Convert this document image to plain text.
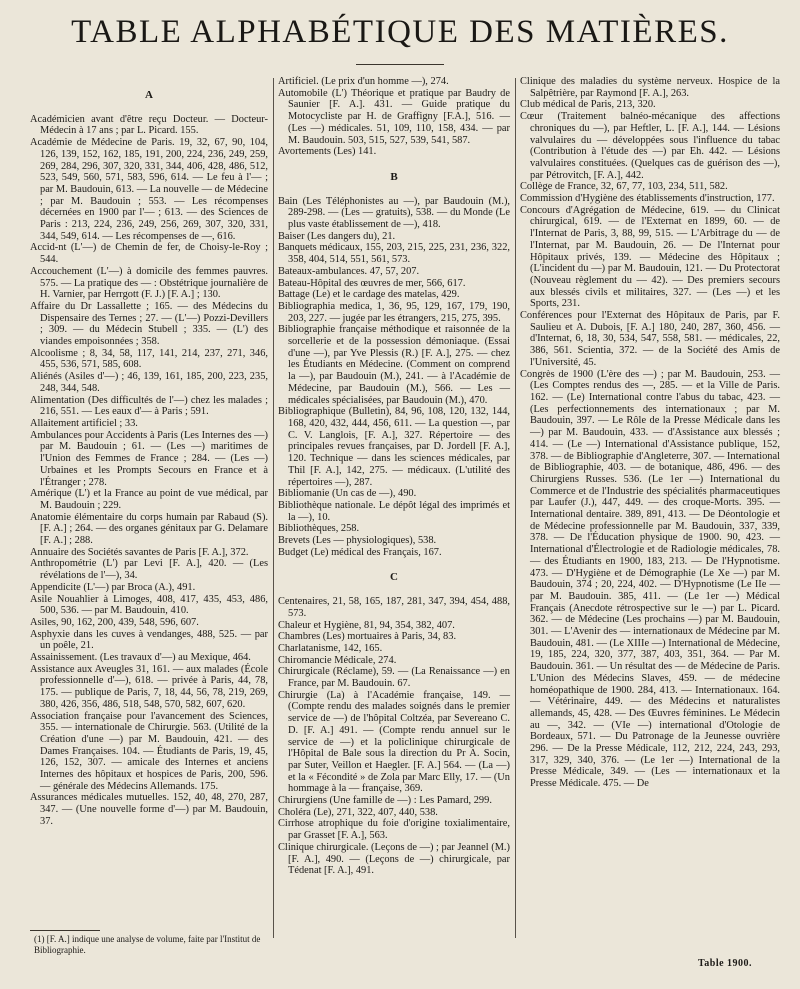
TABLE ALPHABÉTIQUE DES MATIÈRES.
A

Académicien avant d'être reçu Docteur. — Docteur-Médecin à 17 ans ; par L. Picard. 155.

Académie de Médecine de Paris. 19, 32, 67, 90, 104, 126, 139, 152, 162, 185, 191, 200, 224, 236, 249, 259, 269, 284, 296, 307, 320, 331, 344, 406, 428, 486, 512, 523, 549, 560, 571, 583, 596, 614. — Le feu à l'— ; par M. Baudouin, 613. — La nouvelle — de Médecine ; par M. Baudouin ; 553. — Les récompenses décernées en 1900 par l'— ; 613. — des Sciences de Paris : 213, 224, 236, 249, 256, 269, 307, 320, 331, 344, 549, 614. — Les récompenses de —, 616.

Accid-nt (L'—) de Chemin de fer, de Choisy-le-Roy ; 544.

Accouchement (L'—) à domicile des femmes pauvres. 575. — La pratique des — : Obstétrique journalière de H. Varnier, par Herrgott (F. J.) [F. A.] ; 130.

Affaire du Dr Lassallette ; 165. — des Médecins du Dispensaire des Ternes ; 27. — (L'—) Pozzi-Devillers ; 309. — du Médecin Stubell ; 335. — (L') des viandes empoisonnées ; 358.

Alcoolisme ; 8, 34, 58, 117, 141, 214, 237, 271, 346, 455, 536, 571, 585, 608.

Aliénés (Asiles d'—) ; 46, 139, 161, 185, 200, 223, 235, 248, 344, 548.

Alimentation (Des difficultés de l'—) chez les malades ; 216, 551. — Les eaux d'— à Paris ; 591.

Allaitement artificiel ; 33.

Ambulances pour Accidents à Paris (Les Internes des —) par M. Baudouin ; 61. — (Les —) maritimes de l'Union des Femmes de France ; 284. — (Les —) Urbaines et les Prompts Secours en France et à l'Étranger ; 278.

Amérique (L') et la France au point de vue médical, par M. Baudouin ; 229.

Anatomie élémentaire du corps humain par Rabaud (S). [F. A.] ; 264. — des organes génitaux par G. Delamare [F. A.] ; 288.

Annuaire des Sociétés savantes de Paris [F. A.], 372.

Anthropométrie (L') par Levi [F. A.], 420. — (Les révélations de l'—), 34.

Appendicite (L'—) par Broca (A.), 491.

Asile Nouahlier à Limoges, 408, 417, 435, 453, 486, 500, 536. — par M. Baudouin, 410.

Asiles, 90, 162, 200, 439, 548, 596, 607.

Asphyxie dans les cuves à vendanges, 488, 525. — par un poêle, 21.

Assainissement. (Les travaux d'—) au Mexique, 464.

Assistance aux Aveugles 31, 161. — aux malades (École professionnelle d'—), 618. — privée à Paris, 44, 78, 175. — publique de Paris, 7, 18, 44, 56, 78, 219, 269, 380, 426, 356, 486, 518, 548, 570, 582, 607, 620.

Association française pour l'avancement des Sciences, 355. — internationale de Chirurgie. 563. (Utilité de la Création d'une —) par M. Baudouin, 421. — des Dames Françaises. 104. — Étudiants de Paris, 19, 45, 126, 152, 307. — amicale des Internes et anciens Internes des hôpitaux et hospices de Paris, 200, 596. — générale des Médecins Allemands. 175.

Assurances médicales mutuelles. 152, 40, 48, 270, 287, 347. — (Une nouvelle forme d'—) par M. Baudouin, 37.

Artificiel. (Le prix d'un homme —), 274.

Automobile (L') Théorique et pratique par Baudry de Saunier [F. A.]. 431. — Guide pratique du Motocycliste par H. de Graffigny [F.A.], 516. — (Les —) médicales. 51, 109, 110, 158, 434. — par M. Baudouin. 503, 515, 527, 539, 541, 587.

Avortements (Les) 141.

B

Bain (Les Téléphonistes au —), par Baudouin (M.), 289-298. — (Les — gratuits), 538. — du Monde (Le plus vaste établissement de —), 418.

Baiser (Les dangers du), 21.

Banquets médicaux, 155, 203, 215, 225, 231, 236, 322, 358, 404, 514, 551, 561, 573.

Bateaux-ambulances. 47, 57, 207.

Bateau-Hôpital des œuvres de mer, 566, 617.

Battage (Le) et le cardage des matelas, 429.

Bibliographia medica, 1, 36, 95, 129, 167, 179, 190, 203, 227. — jugée par les étrangers, 215, 275, 395.

Bibliographie française méthodique et raisonnée de la sorcellerie et de la possession démoniaque. (Essai d'une —), par Yve Plessis (R.) [F. A.], 275. — chez les Étudiants en Médecine. (Comment on comprend la —), par Baudouin (M.), 241. — à l'Académie de Médecine, par Baudouin (M.), 566. — Les — médicales spécialisées, par Baudouin (M.), 470.

Bibliographique (Bulletin), 84, 96, 108, 120, 132, 144, 168, 420, 432, 444, 456, 611. — La question —, par C. V. Langlois, [F. A.], 327. Répertoire — des principales revues françaises, par D. Jordell [F. A.], 120. Technique — dans les sciences médicales, par Thil [F. A.], 142, 275. — médicaux. (L'utilité des répertoires —), 287.

Bibliomanie (Un cas de —), 490.

Bibliothèque nationale. Le dépôt légal des imprimés et la —), 10.

Bibliothèques, 258.

Brevets (Les — physiologiques), 538.

Budget (Le) médical des Français, 167.

C

Centenaires, 21, 58, 165, 187, 281, 347, 394, 454, 488, 573.

Chaleur et Hygiène, 81, 94, 354, 382, 407.

Chambres (Les) mortuaires à Paris, 34, 83.

Charlatanisme, 142, 165.

Chiromancie Médicale, 274.

Chirurgicale (Réclame), 59. — (La Renaissance —) en France, par M. Baudouin. 67.

Chirurgie (La) à l'Académie française, 149. — (Compte rendu des malades soignés dans le premier service de —) de l'hôpital Coltzéa, par Severeano C. D. [F. A.] 491. — (Compte rendu annuel sur le service de —) et la policlinique chirurgicale de l'Hôpital de Bale sous la direction du Pr A. Socin, par Suter, Veillon et Haegler. [F. A.] 564. — (La —) et la « Fécondité » de Zola par Marc Elly, 17. — (Un hommage à la — française, 369.

Chirurgiens (Une famille de —) : Les Pamard, 299.

Choléra (Le), 271, 322, 407, 440, 538.

Cirrhose atrophique du foie d'origine toxialimentaire, par Grasset [F. A.], 563.

Clinique chirurgicale. (Leçons de —) ; par Jeannel (M.) [F. A.], 490. — (Leçons de —) chirurgicale, par Tédenat [F. A.], 491.

Clinique des maladies du système nerveux. Hospice de la Salpêtrière, par Raymond [F. A.], 263.

Club médical de Paris, 213, 320.

Cœur (Traitement balnéo-mécanique des affections chroniques du —), par Heftler, L. [F. A.], 144. — Lésions valvulaires du — développées sous l'influence du tabac (Contribution à l'étude des —) par Eh. 442. — Lésions valvulaires constituées. (Quelques cas de guérison des —), par Pétrovitch, [F. A.], 442.

Collège de France, 32, 67, 77, 103, 234, 511, 582.

Commission d'Hygiène des établissements d'instruction, 177.

Concours d'Agrégation de Médecine, 619. — du Clinicat chirurgical, 619. — de l'Externat en 1899, 60. — de l'Internat de Paris, 3, 88, 99, 515. — L'Arbitrage du — de l'Internat, par M. Baudouin, 26. — De l'Internat pour Hôpitaux privés, 139. — Médecine des Hôpitaux ; (L'incident du —) par M. Baudouin, 121. — Du Protectorat (Nouveau règlement du — 42). — Des premiers secours aux blessés civils et militaires, 327. — (Les —) et les Sports, 231.

Conférences pour l'Externat des Hôpitaux de Paris, par F. Saulieu et A. Dubois, [F. A.] 180, 240, 287, 360, 456. — d'Internat, 6, 18, 30, 534, 547, 558, 581. — médicales, 22, 386, 561. Scientia, 372. — de la Société des Amis de l'Université, 45.

Congrès de 1900 (L'ère des —) ; par M. Baudouin, 253. — (Les Comptes rendus des —, 285. — et la Ville de Paris. 162. — (Le) International contre l'abus du tabac, 423. — (Les perfectionnements des internationaux ; par M. Baudouin, 397. — Le Rôle de la Presse Médicale dans les —) par M. Baudouin, 433. — d'Assistance aux blessés ; 414. — (Le —) International d'Assistance publique, 152, 378. — de Bibliographie d'Angleterre, 307. — International de Bibliographie, 403. — de botanique, 486, 496. — des Chirurgiens Russes. 536. (Le 1er —) International du Commerce et de l'Industrie des spécialités pharmaceutiques par Laufer (J.), 447, 449. — des croque-Morts. 395. — International dentaire. 389, 891, 413. — De Déontologie et de Médecine professionnelle par M. Baudouin, 337, 339, 378. — De l'Éducation physique de 1900. 90, 423. — International d'Électrologie et de Radiologie médicales, 78. — des Étudiants en 1900, 183, 213. — De l'Hypnotisme. 473. — D'Hygiène et de Démographie (Le Xe —) par M. Baudouin, 374 ; 20, 224, 402. — D'Hypnotisme (Le IIe — par M. Baudouin. 385, 411. — (Le 1er —) Médical Français (Anecdote rétrospective sur le —) par L. Picard. 362. — de Médecine (Les prochains —) par M. Baudouin, 301. — L'Avenir des — internationaux de Médecine par M. Baudouin, 481. — (Le XIIIe —) International de Médecine, 19, 185, 224, 320, 377, 387, 403, 351, 364. — Par M. Baudouin. 361. — Un résultat des — de Médecine de Paris. L'Union des Médecins Slaves, 459. — de médecine homéopathique de 1900. 284, 413. — Internationaux. 164. — Vétérinaire, 449. — des Médecins et naturalistes allemands, 45, 428. — Des Œuvres féminines. Le Médecin au —, 342. — (VIe —) international d'Otologie de Bordeaux, 571. — Du Patronage de la Jeunesse ouvrière 296. — De la Presse Médicale, 112, 212, 224, 243, 293, 317, 329, 340, 376. — (Le 1er —) International de la Presse Médicale, 349. — (Les — internationaux et la Presse Médicale. 475. — De

(1) [F. A.] indique une analyse de volume, faite par l'Institut de Bibliographie.
Table 1900.
